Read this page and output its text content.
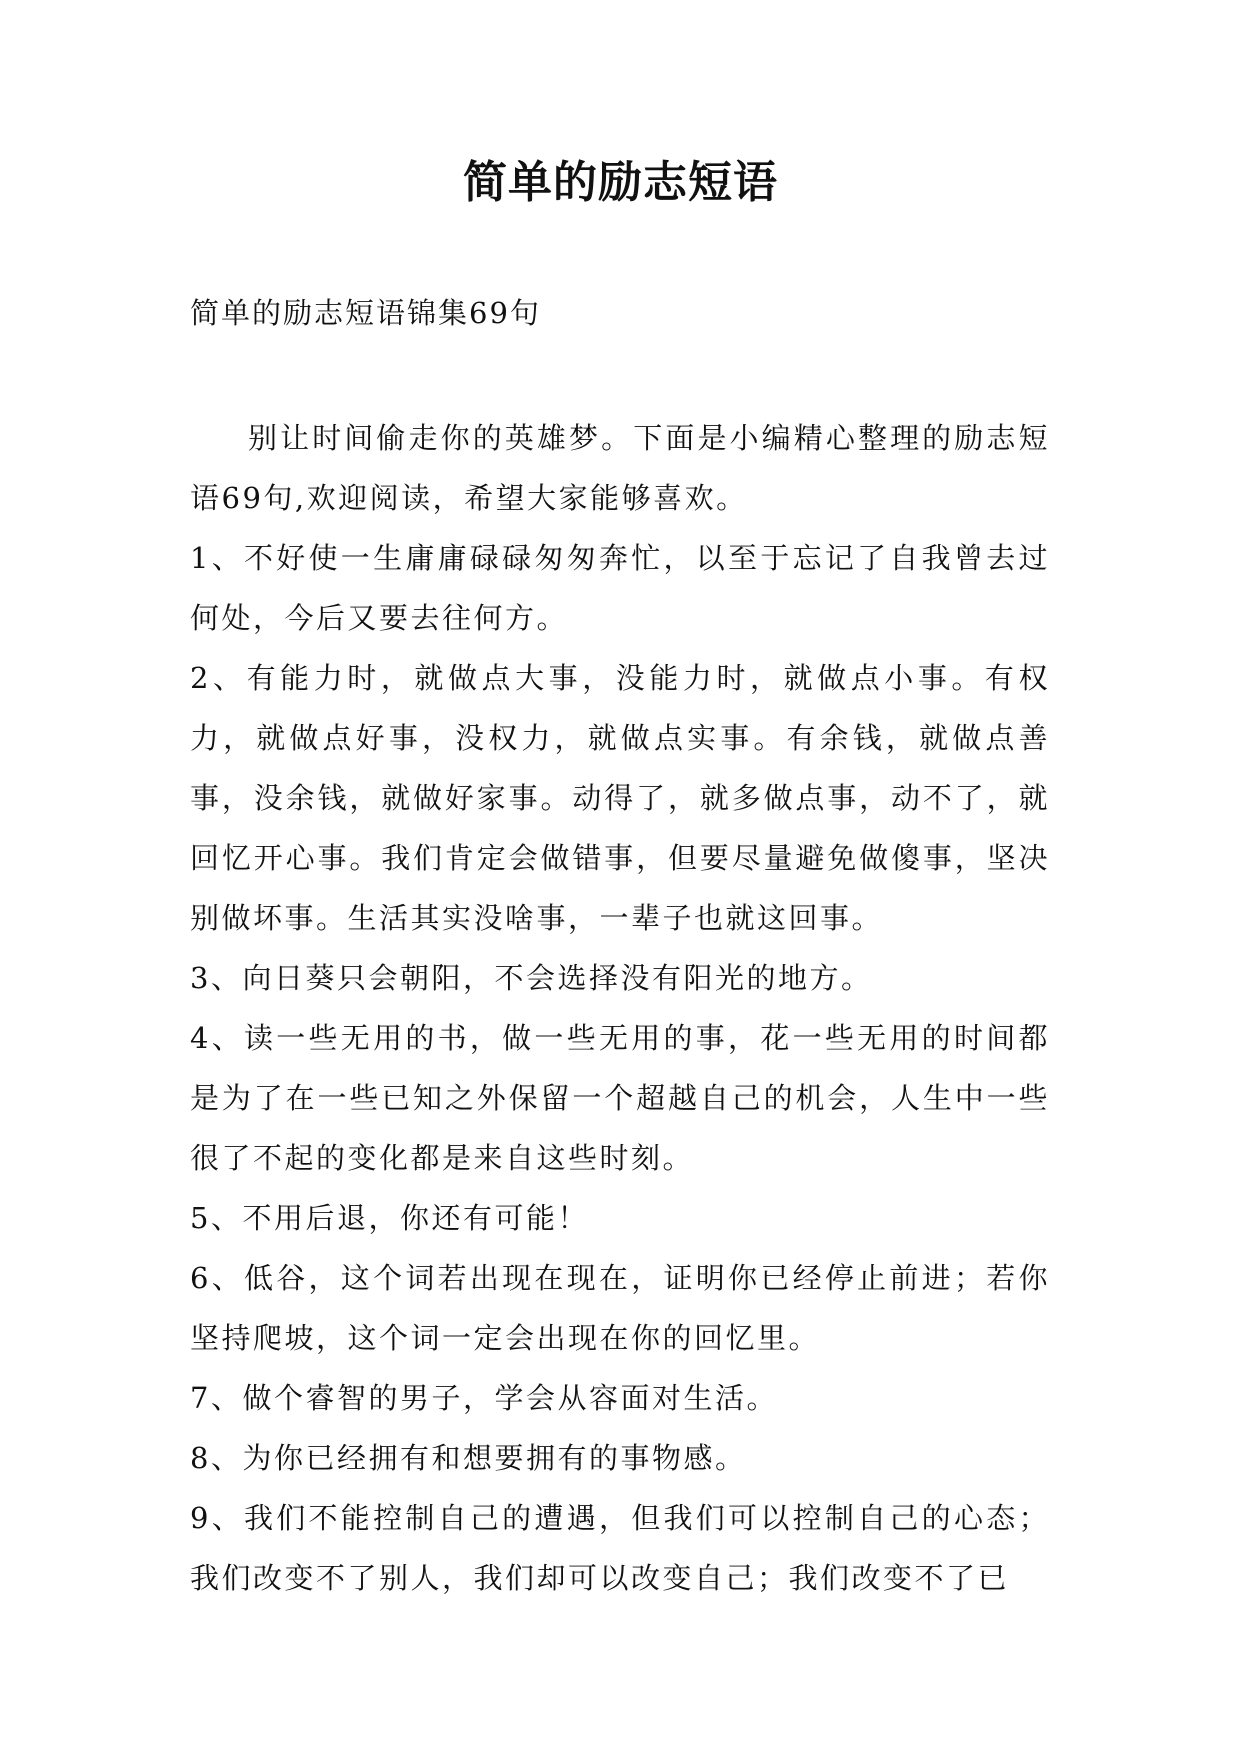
简单的励志短语
简单的励志短语锦集69句

别让时间偷走你的英雄梦。下面是小编精心整理的励志短语69句,欢迎阅读，希望大家能够喜欢。

1、不好使一生庸庸碌碌匆匆奔忙，以至于忘记了自我曾去过何处，今后又要去往何方。

2、有能力时，就做点大事，没能力时，就做点小事。有权力，就做点好事，没权力，就做点实事。有余钱，就做点善事，没余钱，就做好家事。动得了，就多做点事，动不了，就回忆开心事。我们肯定会做错事，但要尽量避免做傻事，坚决别做坏事。生活其实没啥事，一辈子也就这回事。

3、向日葵只会朝阳，不会选择没有阳光的地方。

4、读一些无用的书，做一些无用的事，花一些无用的时间都是为了在一些已知之外保留一个超越自己的机会，人生中一些很了不起的变化都是来自这些时刻。

5、不用后退，你还有可能！

6、低谷，这个词若出现在现在，证明你已经停止前进；若你坚持爬坡，这个词一定会出现在你的回忆里。

7、做个睿智的男子，学会从容面对生活。

8、为你已经拥有和想要拥有的事物感。

9、我们不能控制自己的遭遇，但我们可以控制自己的心态；我们改变不了别人，我们却可以改变自己；我们改变不了已
